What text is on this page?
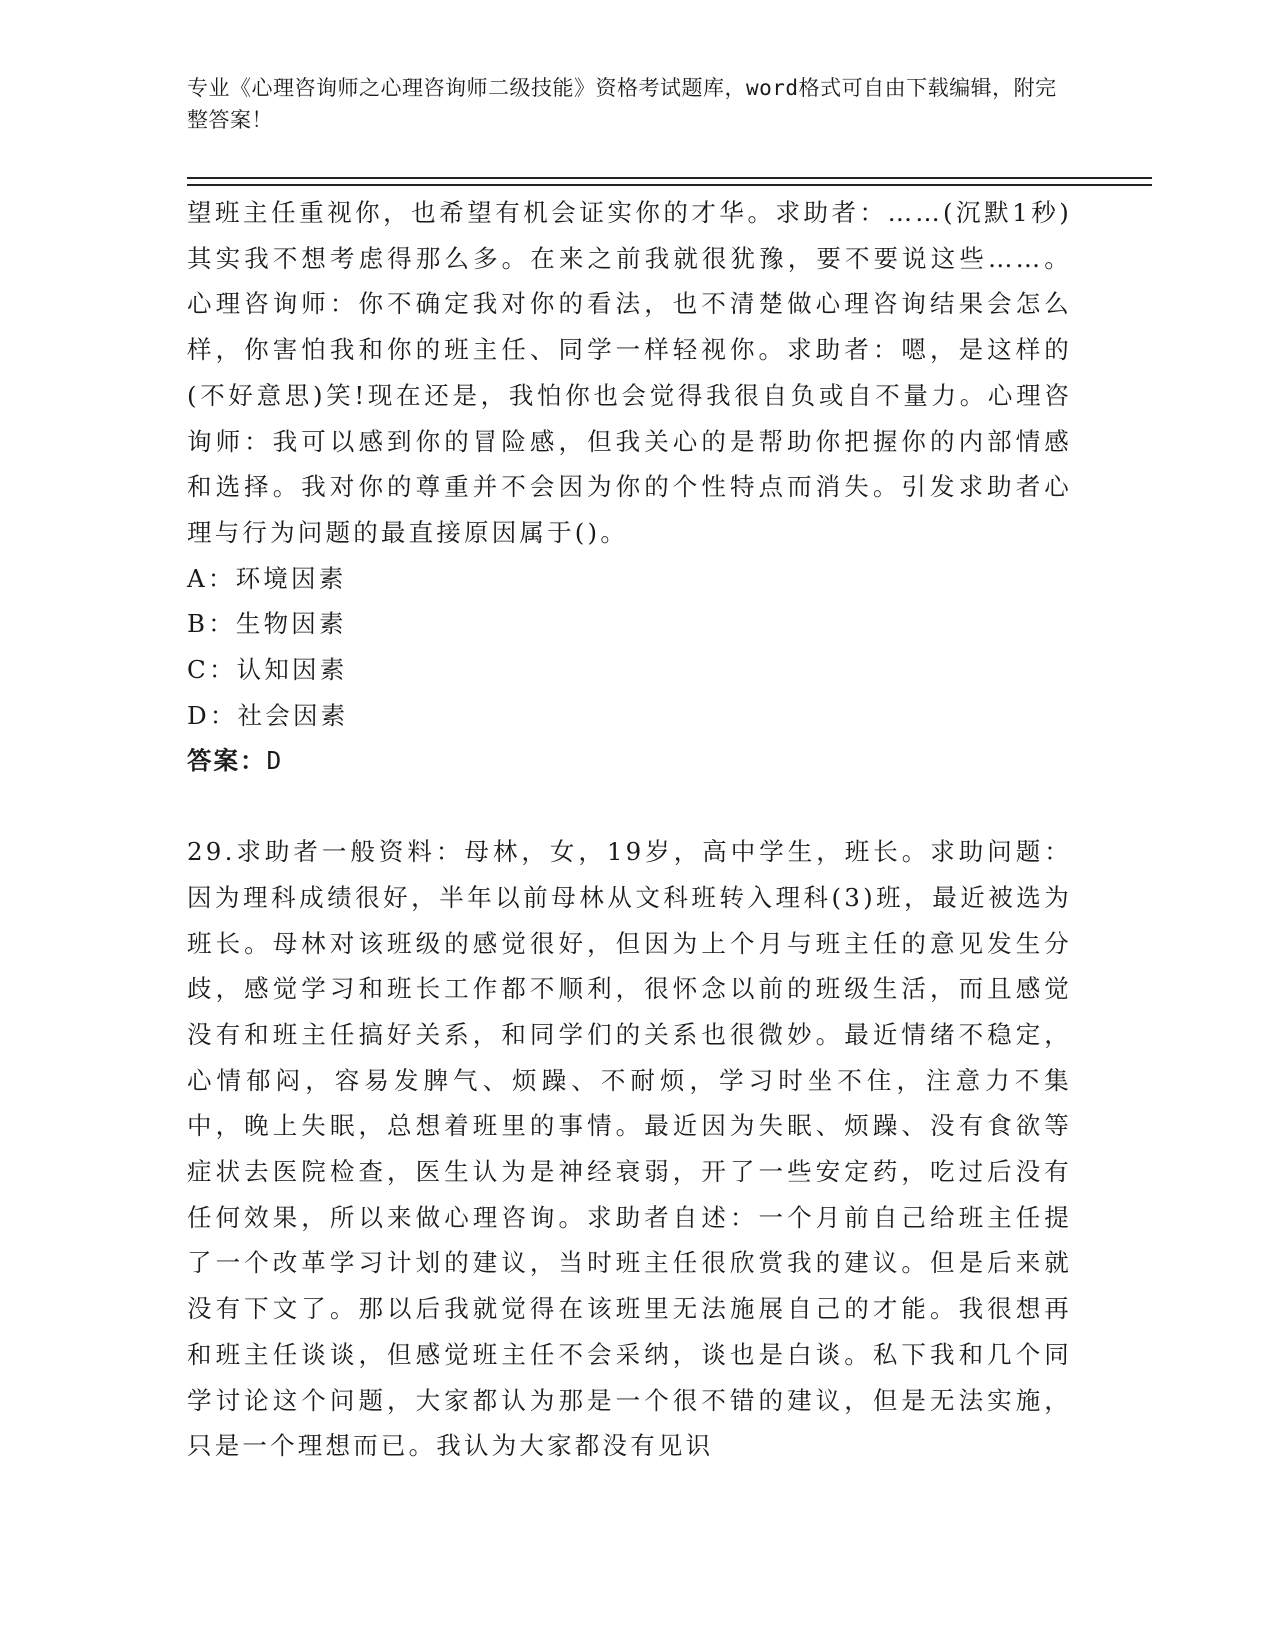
专业《心理咨询师之心理咨询师二级技能》资格考试题库，word格式可自由下载编辑，附完整答案！

望班主任重视你，也希望有机会证实你的才华。求助者：……(沉默1秒)其实我不想考虑得那么多。在来之前我就很犹豫，要不要说这些……。心理咨询师：你不确定我对你的看法，也不清楚做心理咨询结果会怎么样，你害怕我和你的班主任、同学一样轻视你。求助者：嗯，是这样的(不好意思)笑!现在还是，我怕你也会觉得我很自负或自不量力。心理咨询师：我可以感到你的冒险感，但我关心的是帮助你把握你的内部情感和选择。我对你的尊重并不会因为你的个性特点而消失。引发求助者心理与行为问题的最直接原因属于()。

A：环境因素

B：生物因素

C：认知因素

D：社会因素

答案：D

29.求助者一般资料：母林，女，19岁，高中学生，班长。求助问题：因为理科成绩很好，半年以前母林从文科班转入理科(3)班，最近被选为班长。母林对该班级的感觉很好，但因为上个月与班主任的意见发生分歧，感觉学习和班长工作都不顺利，很怀念以前的班级生活，而且感觉没有和班主任搞好关系，和同学们的关系也很微妙。最近情绪不稳定，心情郁闷，容易发脾气、烦躁、不耐烦，学习时坐不住，注意力不集中，晚上失眠，总想着班里的事情。最近因为失眠、烦躁、没有食欲等症状去医院检查，医生认为是神经衰弱，开了一些安定药，吃过后没有任何效果，所以来做心理咨询。求助者自述：一个月前自己给班主任提了一个改革学习计划的建议，当时班主任很欣赏我的建议。但是后来就没有下文了。那以后我就觉得在该班里无法施展自己的才能。我很想再和班主任谈谈，但感觉班主任不会采纳，谈也是白谈。私下我和几个同学讨论这个问题，大家都认为那是一个很不错的建议，但是无法实施，只是一个理想而已。我认为大家都没有见识
